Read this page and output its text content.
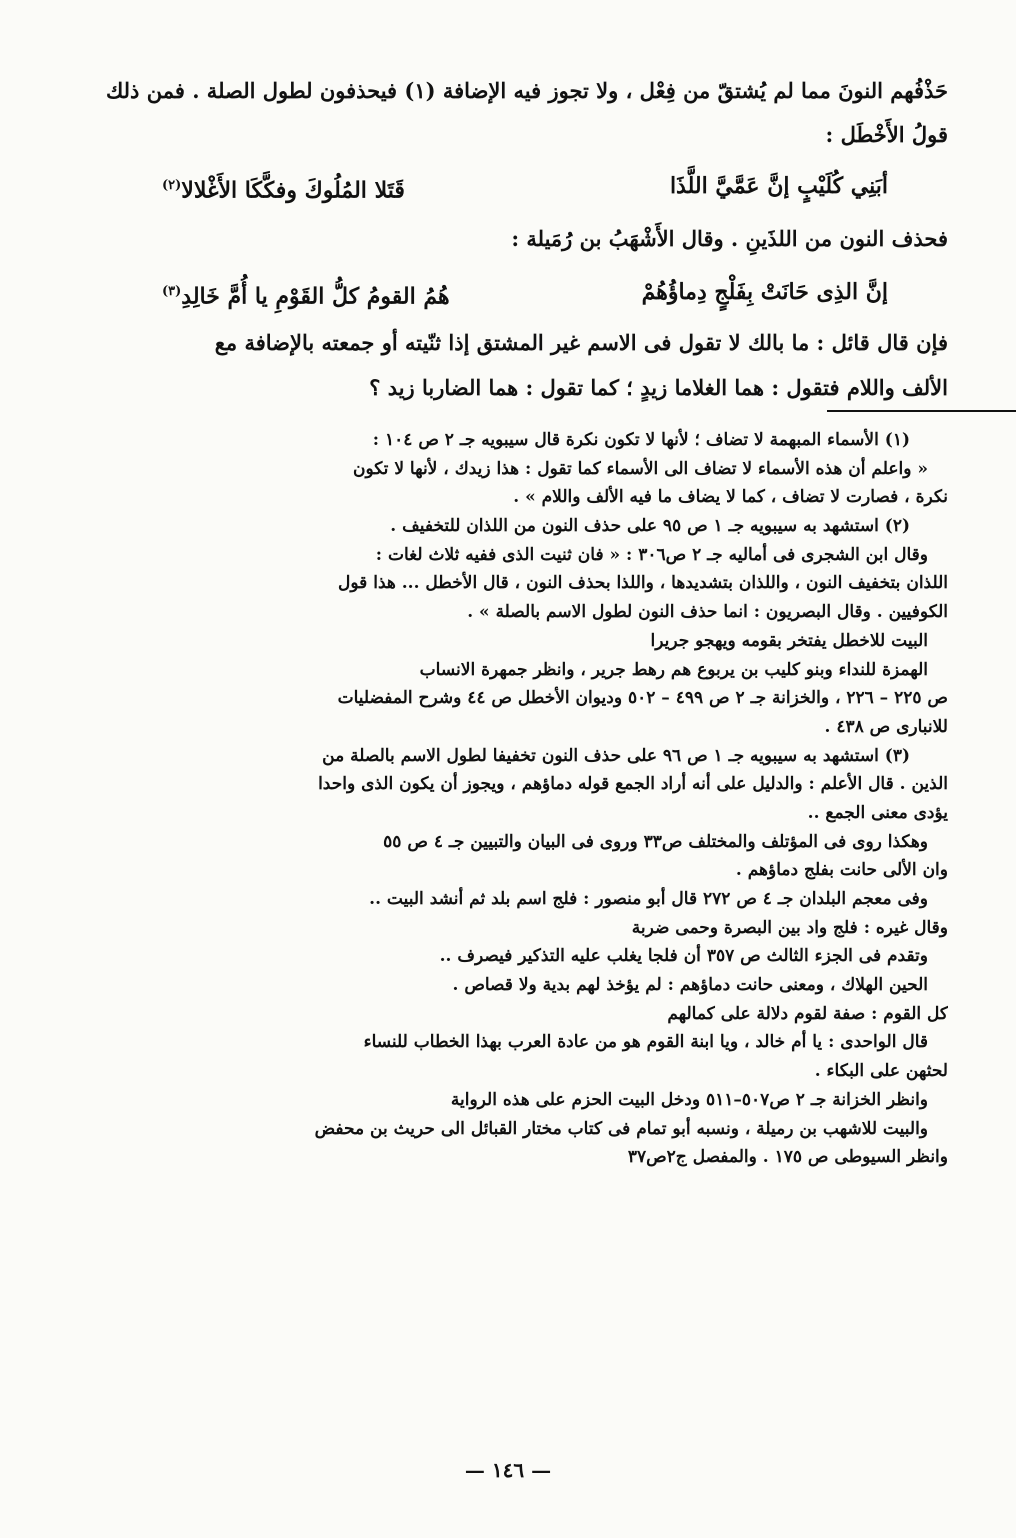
حَذْفُهم النونَ مما لم يُشتقّ من فِعْل ، ولا تجوز فيه الإضافة (١) فيحذفون لطول الصلة . فمن ذلك

قولُ الأَخْطَل :

أبَنِي كُلَيْبٍ إنَّ عَمَّيَّ اللَّذَا
قَتَلا المُلُوكَ وفكَّكَا الأَغْلالا$^{(٢)}$

فحذف النون من اللذَينِ . وقال الأَشْهَبُ بن رُمَيلة :

إنَّ الذِى حَانَتْ بِفَلْجٍ دِماؤُهُمْ
هُمُ القومُ كلُّ القَوْمِ يا أُمَّ خَالِدِ$^{(٣)}$

فإن قال قائل : ما بالك لا تقول فى الاسم غير المشتق إذا ثنّيته أو جمعته بالإضافة مع

الألف واللام فتقول : هما الغلاما زيدٍ ؛ كما تقول : هما الضاربا زيد ؟

(١) الأسماء المبهمة لا تضاف ؛ لأنها لا تكون نكرة قال سيبويه جـ ٢ ص ١٠٤ :
« واعلم أن هذه الأسماء لا تضاف الى الأسماء كما تقول : هذا زيدك ، لأنها لا تكون
نكرة ، فصارت لا تضاف ، كما لا يضاف ما فيه الألف واللام » .
(٢) استشهد به سيبويه جـ ١ ص ٩٥ على حذف النون من اللذان للتخفيف .
وقال ابن الشجرى فى أماليه جـ ٢ ص٣٠٦ : « فان ثنيت الذى ففيه ثلاث لغات :
اللذان بتخفيف النون ، واللذان بتشديدها ، واللذا بحذف النون ، قال الأخطل ... هذا قول
الكوفيين . وقال البصريون : انما حذف النون لطول الاسم بالصلة » .
البيت للاخطل يفتخر بقومه ويهجو جريرا
الهمزة للنداء وبنو كليب بن يربوع هم رهط جرير ، وانظر جمهرة الانساب
ص ٢٢٥ – ٢٢٦ ، والخزانة جـ ٢ ص ٤٩٩ – ٥٠٢ وديوان الأخطل ص ٤٤ وشرح المفضليات
للانبارى ص ٤٣٨ .
(٣) استشهد به سيبويه جـ ١ ص ٩٦ على حذف النون تخفيفا لطول الاسم بالصلة من
الذين . قال الأعلم : والدليل على أنه أراد الجمع قوله دماؤهم ، ويجوز أن يكون الذى واحدا
يؤدى معنى الجمع ..
وهكذا روى فى المؤتلف والمختلف ص٣٣ وروى فى البيان والتبيين جـ ٤ ص ٥٥
وان الألى حانت بفلج دماؤهم .
وفى معجم البلدان جـ ٤ ص ٢٧٢ قال أبو منصور : فلج اسم بلد ثم أنشد البيت ..
وقال غيره : فلج واد بين البصرة وحمى ضربة
وتقدم فى الجزء الثالث ص ٣٥٧ أن فلجا يغلب عليه التذكير فيصرف ..
الحين الهلاك ، ومعنى حانت دماؤهم : لم يؤخذ لهم بدية ولا قصاص .
كل القوم : صفة لقوم دلالة على كمالهم
قال الواحدى : يا أم خالد ، ويا ابنة القوم هو من عادة العرب بهذا الخطاب للنساء
لحثهن على البكاء .
وانظر الخزانة جـ ٢ ص٥٠٧–٥١١ ودخل البيت الحزم على هذه الرواية
والبيت للاشهب بن رميلة ، ونسبه أبو تمام فى كتاب مختار القبائل الى حريث بن محفض
وانظر السيوطى ص ١٧٥ . والمفصل ج٢ص٣٧
— ١٤٦ —
